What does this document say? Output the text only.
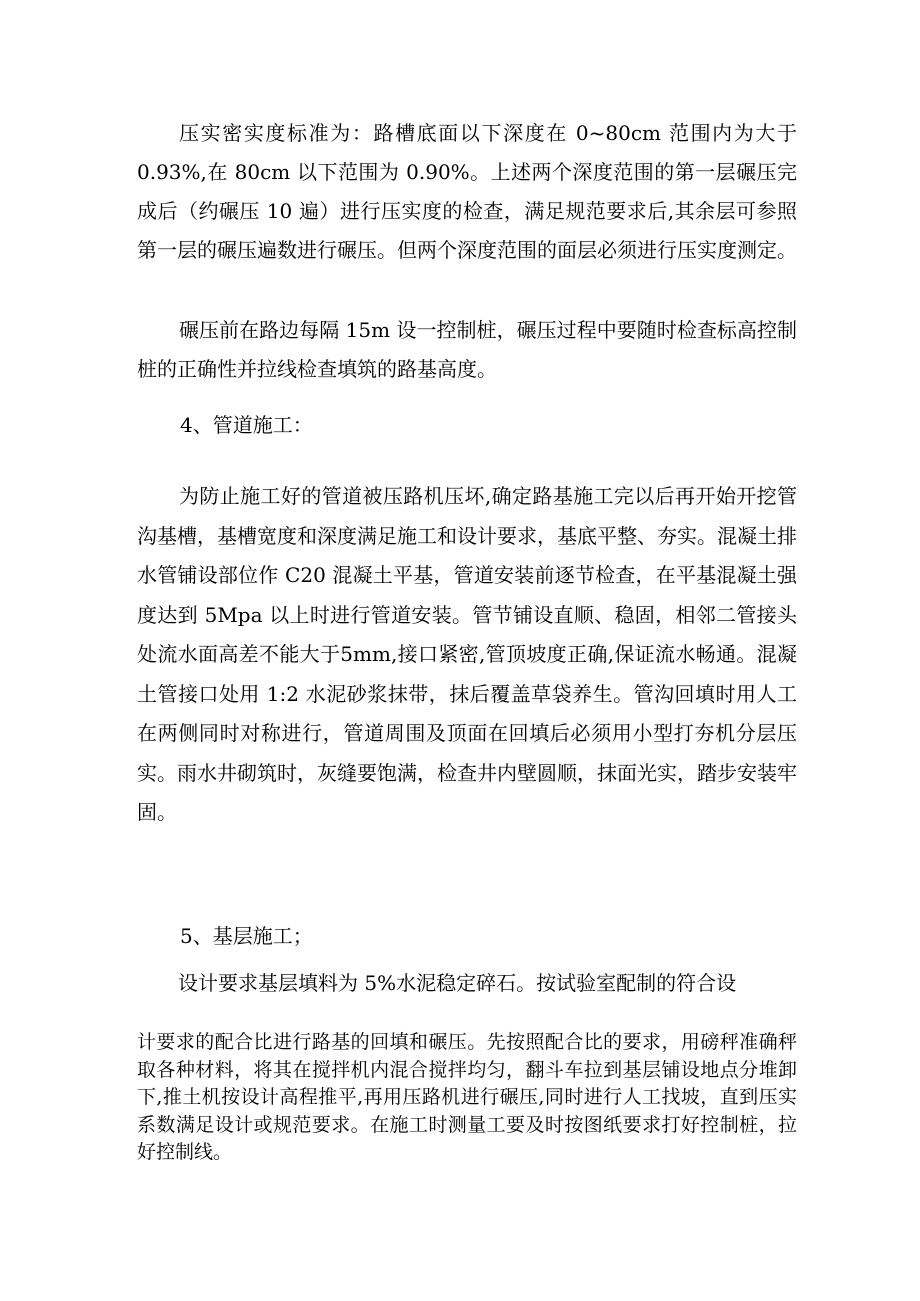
压实密实度标准为：路槽底面以下深度在 0~80cm 范围内为大于 0.93%,在 80cm 以下范围为 0.90%。上述两个深度范围的第一层碾压完成后（约碾压 10 遍）进行压实度的检查，满足规范要求后,其余层可参照第一层的碾压遍数进行碾压。但两个深度范围的面层必须进行压实度测定。

碾压前在路边每隔 15m 设一控制桩，碾压过程中要随时检查标高控制桩的正确性并拉线检查填筑的路基高度。

4、管道施工：

为防止施工好的管道被压路机压坏,确定路基施工完以后再开始开挖管沟基槽，基槽宽度和深度满足施工和设计要求，基底平整、夯实。混凝土排水管铺设部位作 C20 混凝土平基，管道安装前逐节检查，在平基混凝土强度达到 5Mpa 以上时进行管道安装。管节铺设直顺、稳固，相邻二管接头处流水面高差不能大于5mm,接口紧密,管顶坡度正确,保证流水畅通。混凝土管接口处用 1:2 水泥砂浆抹带，抹后覆盖草袋养生。管沟回填时用人工在两侧同时对称进行，管道周围及顶面在回填后必须用小型打夯机分层压实。雨水井砌筑时，灰缝要饱满，检查井内壁圆顺，抹面光实，踏步安装牢固。

5、基层施工；

设计要求基层填料为 5%水泥稳定碎石。按试验室配制的符合设

计要求的配合比进行路基的回填和碾压。先按照配合比的要求，用磅秤准确秤取各种材料，将其在搅拌机内混合搅拌均匀，翻斗车拉到基层铺设地点分堆卸下,推土机按设计高程推平,再用压路机进行碾压,同时进行人工找坡，直到压实系数满足设计或规范要求。在施工时测量工要及时按图纸要求打好控制桩，拉好控制线。
